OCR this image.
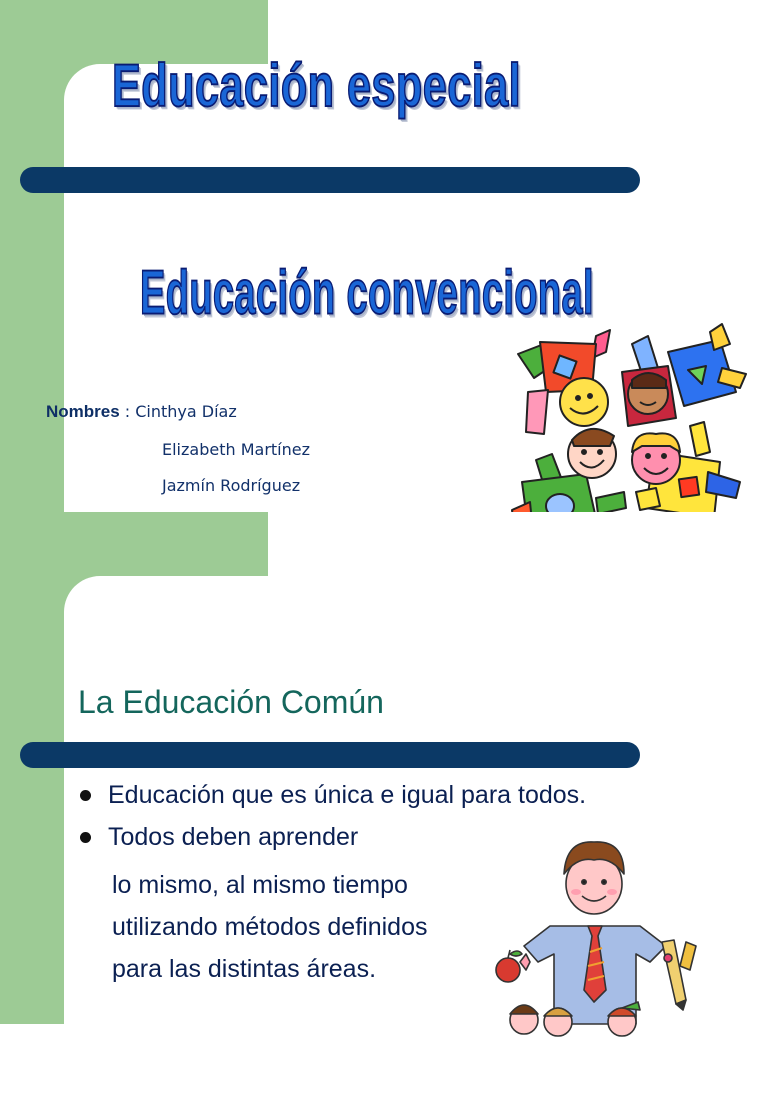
Educación especial
Educación convencional
Nombres : Cinthya Díaz
Elizabeth Martínez
Jazmín Rodríguez
La Educación Común
Educación que es única e igual para todos.
Todos deben aprender
lo mismo, al mismo tiempo
utilizando métodos definidos
para las distintas áreas.
